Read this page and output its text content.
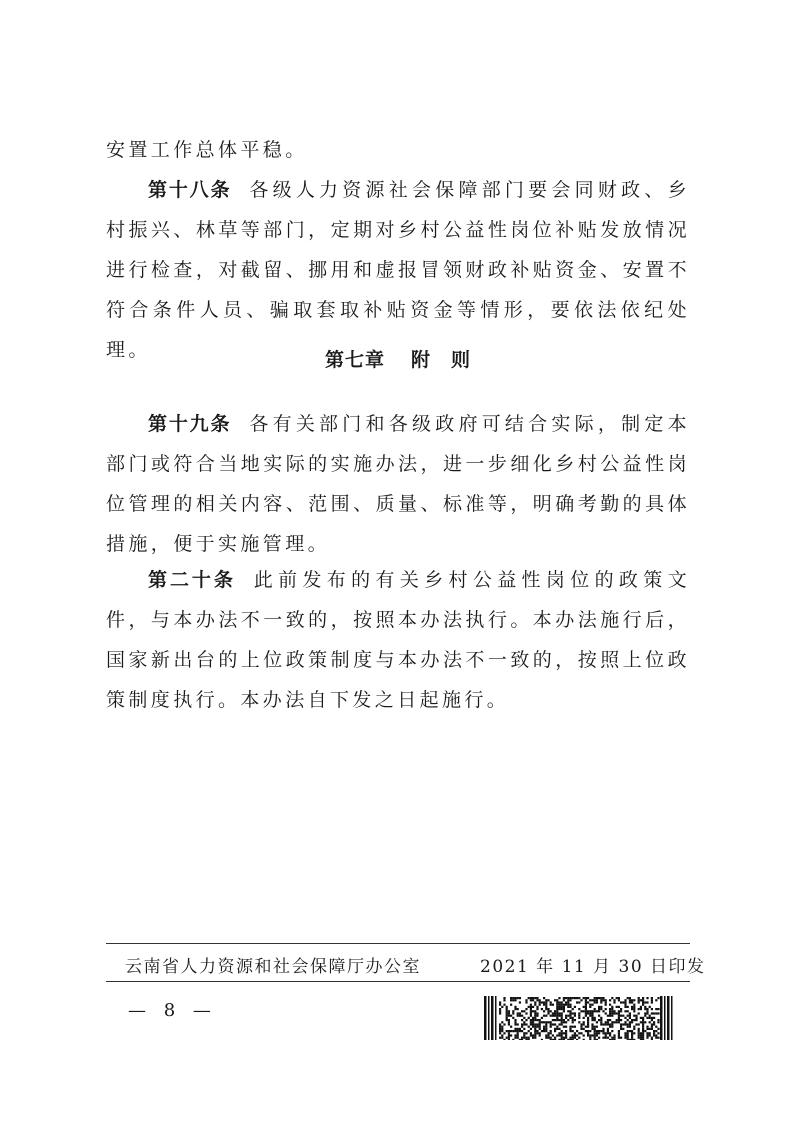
安置工作总体平稳。

第十八条 各级人力资源社会保障部门要会同财政、乡村振兴、林草等部门，定期对乡村公益性岗位补贴发放情况进行检查，对截留、挪用和虚报冒领财政补贴资金、安置不符合条件人员、骗取套取补贴资金等情形，要依法依纪处理。	第七章 附　则

第十九条 各有关部门和各级政府可结合实际，制定本部门或符合当地实际的实施办法，进一步细化乡村公益性岗位管理的相关内容、范围、质量、标准等，明确考勤的具体措施，便于实施管理。

第二十条 此前发布的有关乡村公益性岗位的政策文件，与本办法不一致的，按照本办法执行。本办法施行后，国家新出台的上位政策制度与本办法不一致的，按照上位政策制度执行。本办法自下发之日起施行。

云南省人力资源和社会保障厅办公室	2021 年 11 月 30 日印发
— 8 —
